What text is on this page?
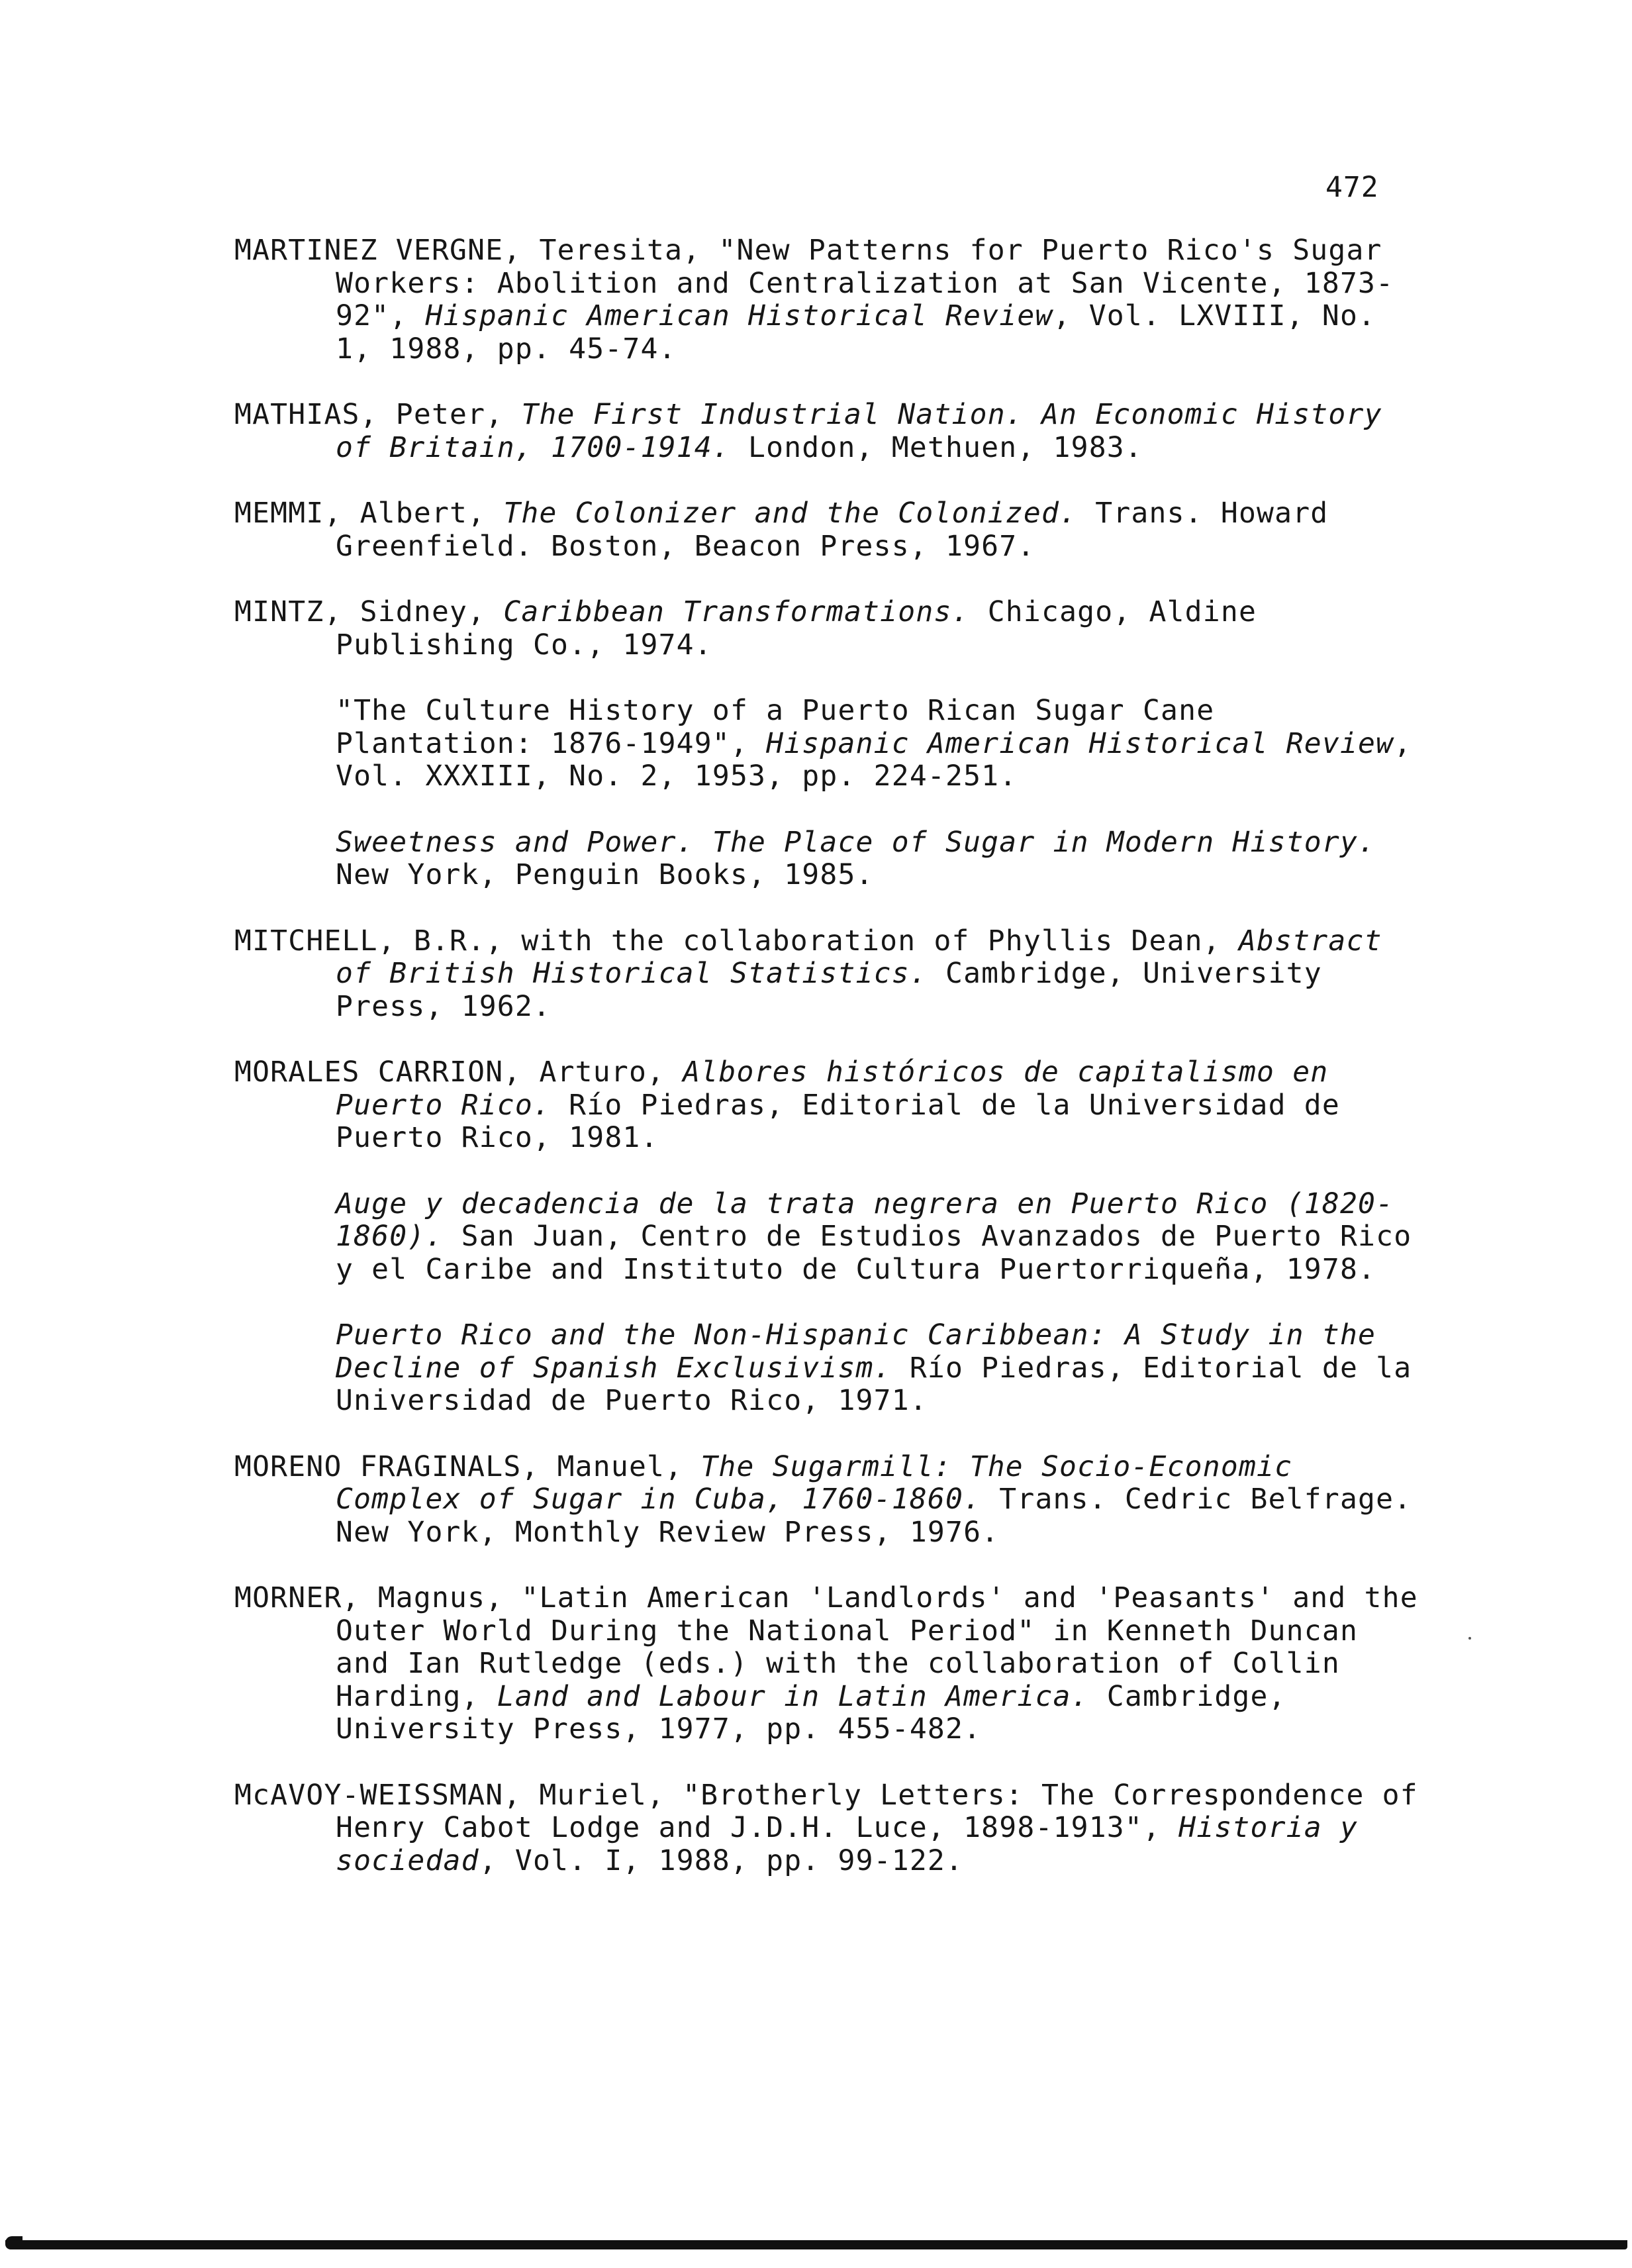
472

MARTINEZ VERGNE, Teresita, "New Patterns for Puerto Rico's Sugar Workers: Abolition and Centralization at San Vicente, 1873-92", Hispanic American Historical Review, Vol. LXVIII, No. 1, 1988, pp. 45-74.

MATHIAS, Peter, The First Industrial Nation. An Economic History of Britain, 1700-1914. London, Methuen, 1983.

MEMMI, Albert, The Colonizer and the Colonized. Trans. Howard Greenfield. Boston, Beacon Press, 1967.

MINTZ, Sidney, Caribbean Transformations. Chicago, Aldine Publishing Co., 1974.

"The Culture History of a Puerto Rican Sugar Cane Plantation: 1876-1949", Hispanic American Historical Review, Vol. XXXIII, No. 2, 1953, pp. 224-251.

Sweetness and Power. The Place of Sugar in Modern History. New York, Penguin Books, 1985.

MITCHELL, B.R., with the collaboration of Phyllis Dean, Abstract of British Historical Statistics. Cambridge, University Press, 1962.

MORALES CARRION, Arturo, Albores históricos de capitalismo en Puerto Rico. Río Piedras, Editorial de la Universidad de Puerto Rico, 1981.

Auge y decadencia de la trata negrera en Puerto Rico (1820-1860). San Juan, Centro de Estudios Avanzados de Puerto Rico y el Caribe and Instituto de Cultura Puertorriqueña, 1978.

Puerto Rico and the Non-Hispanic Caribbean: A Study in the Decline of Spanish Exclusivism. Río Piedras, Editorial de la Universidad de Puerto Rico, 1971.

MORENO FRAGINALS, Manuel, The Sugarmill: The Socio-Economic Complex of Sugar in Cuba, 1760-1860. Trans. Cedric Belfrage. New York, Monthly Review Press, 1976.

MORNER, Magnus, "Latin American 'Landlords' and 'Peasants' and the Outer World During the National Period" in Kenneth Duncan and Ian Rutledge (eds.) with the collaboration of Collin Harding, Land and Labour in Latin America. Cambridge, University Press, 1977, pp. 455-482.

McAVOY-WEISSMAN, Muriel, "Brotherly Letters: The Correspondence of Henry Cabot Lodge and J.D.H. Luce, 1898-1913", Historia y sociedad, Vol. I, 1988, pp. 99-122.
